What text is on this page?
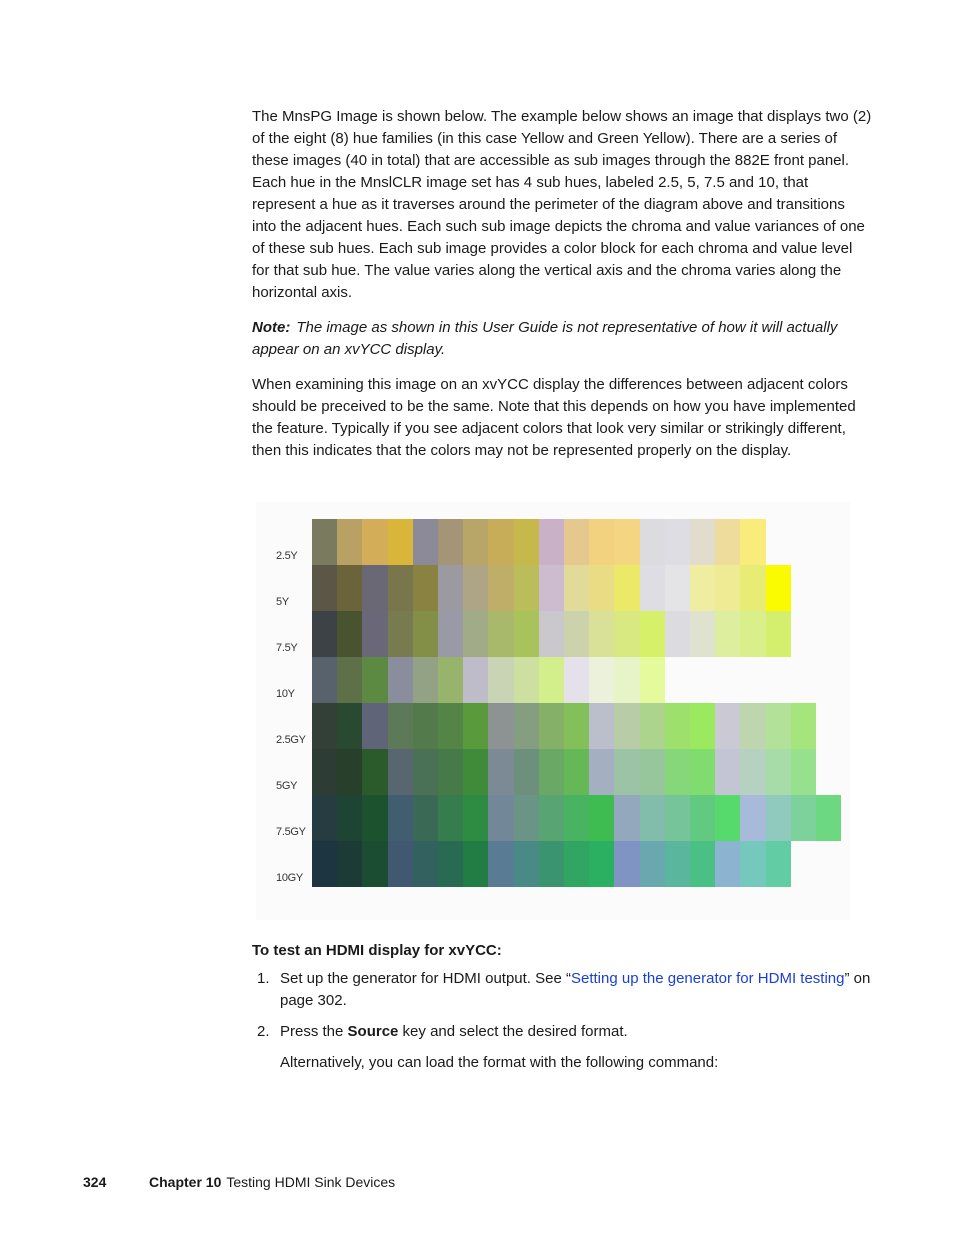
The MnsPG Image is shown below. The example below shows an image that displays two (2) of the eight (8) hue families (in this case Yellow and Green Yellow). There are a series of these images (40 in total) that are accessible as sub images through the 882E front panel. Each hue in the MnslCLR image set has 4 sub hues, labeled 2.5, 5, 7.5 and 10, that represent a hue as it traverses around the perimeter of the diagram above and transitions into the adjacent hues. Each such sub image depicts the chroma and value variances of one of these sub hues. Each sub image provides a color block for each chroma and value level for that sub hue. The value varies along the vertical axis and the chroma varies along the horizontal axis.

Note: The image as shown in this User Guide is not representative of how it will actually appear on an xvYCC display.

When examining this image on an xvYCC display the differences between adjacent colors should be preceived to be the same. Note that this depends on how you have implemented the feature. Typically if you see adjacent colors that look very similar or strikingly different, then this indicates that the colors may not be represented properly on the display.

2.5Y
5Y
7.5Y
10Y
2.5GY
5GY
7.5GY
10GY

To test an HDMI display for xvYCC:

1. Set up the generator for HDMI output. See “Setting up the generator for HDMI testing” on page 302.
2. Press the Source key and select the desired format.

Alternatively, you can load the format with the following command:

324	Chapter 10 Testing HDMI Sink Devices
